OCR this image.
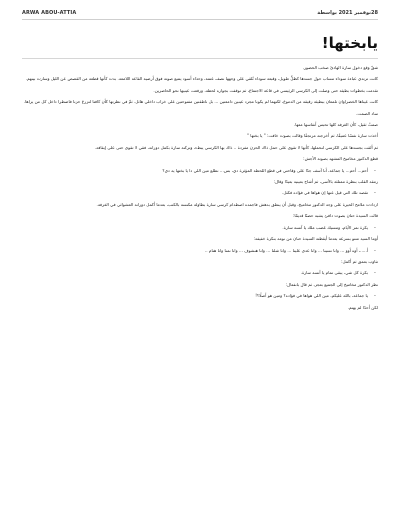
28نوفمبر 2021 بواسطة
ARWA ABOU-ATTIA
يابختها!

شقّ وقع دخول سارة الهادئ صخب الحضور.

كانت ترتدي عباءة سوداء تنساب حول جسدها كظلٍّ طويل، وقبعة سوداء تُلقي على وجهها نصف عتمة، وحذاء أسود يتتبع صوته فوق أرضية القاعة اللامعة. بدت كأنها قطعة من القصص عن الليل وسارت بينهم.

تقدمت بخطوات بطيئة حتى وصلت إلى الكرسي الرئيسي في قاعة الاجتماع، ثم توقفت بجواره لحظة، ورفعت عينيها نحو الحاضرين.

كانت عيناها الخضراوان تلمعان ببطيئة رقيقة من الدموع، لكنهما لم يكونا مجرد عينين دامعتين ... بل ناطقتين مفتوحتين على خراب داخلي هائل. ثمّ في نظرتها كأن كافتا لتزرع حزنا فاضطرا داخل كل من يراها.

ساد الصمت.

صمتٌ ثقيل، كأن الغرفة كلها تحبس أنفاسها معها.

أخذت سارة نفسًا عميقًا، ثم أخرجته مرتجفًا وقالت بصوت خافت: " يا بختها "

ثم ألقت بجسدها على الكرسي لنحملها، كأنها لا تقوى على حمل ذاك الحزن مفردة .. ذاك بها الكرسي يبطء، وتركته سارة بكمل دورانه، فقي لا تقوى حتى على إيقافه.

قطع الدكتور مخاميخ المشهد بصوته الأجش:

– أحم... أحم... يا جماعة، أنا آسف جدًا على وقاحتي في قطع اللحظة المؤثرة دي، بس... نطلع مين اللي دا يا بختها يه دي؟

رمقه القلب بنظرة ممتلئة بالأسى، ثم أشاح بعينيه بعيدًا وقال:

– تقصد تلك التي قيل عنها إن هواها في فؤاده فكثل.

ازدادت ملامح الحيرة على وجه الدكتور مخاميخ، وقبل أن ينطق بدهش فاجمده اصطدام كرسي سارة بطاولة مكنسة بالكتب، بعدما أكمل دورانه العشوائي في الغرفة.

قالت السيدة حنان بصوت دافئ يشبه حضنًا قديمًا:

– يكرة نمر الأيام، وتنسيك غضب ملك يا آنسة سارة.

أوما السيد منتو بسرعة بعدما أيقظته السيدة حنان من نومه بنكزة خفيفة:

– أ.....، أوه أوو ... وانا نسينا ... وانا عدى علينا ... وانا شلنا ... وانا هنشوف ... وانا نمنا وانا هنام ..

تثاوب بعمق ثم أكمل:

– بكرة كل شي، يبقى تمام يا آنسة سارة.

نظر الدكتور مخاميخ إلى الجميع بعجز، ثم قال بانفعال:

– يا جماعة، بالله عليكم، مين اللي هواها في فؤاده؟ ومين هو أصلًا؟!

لكن أحدًا لم يهتم.
